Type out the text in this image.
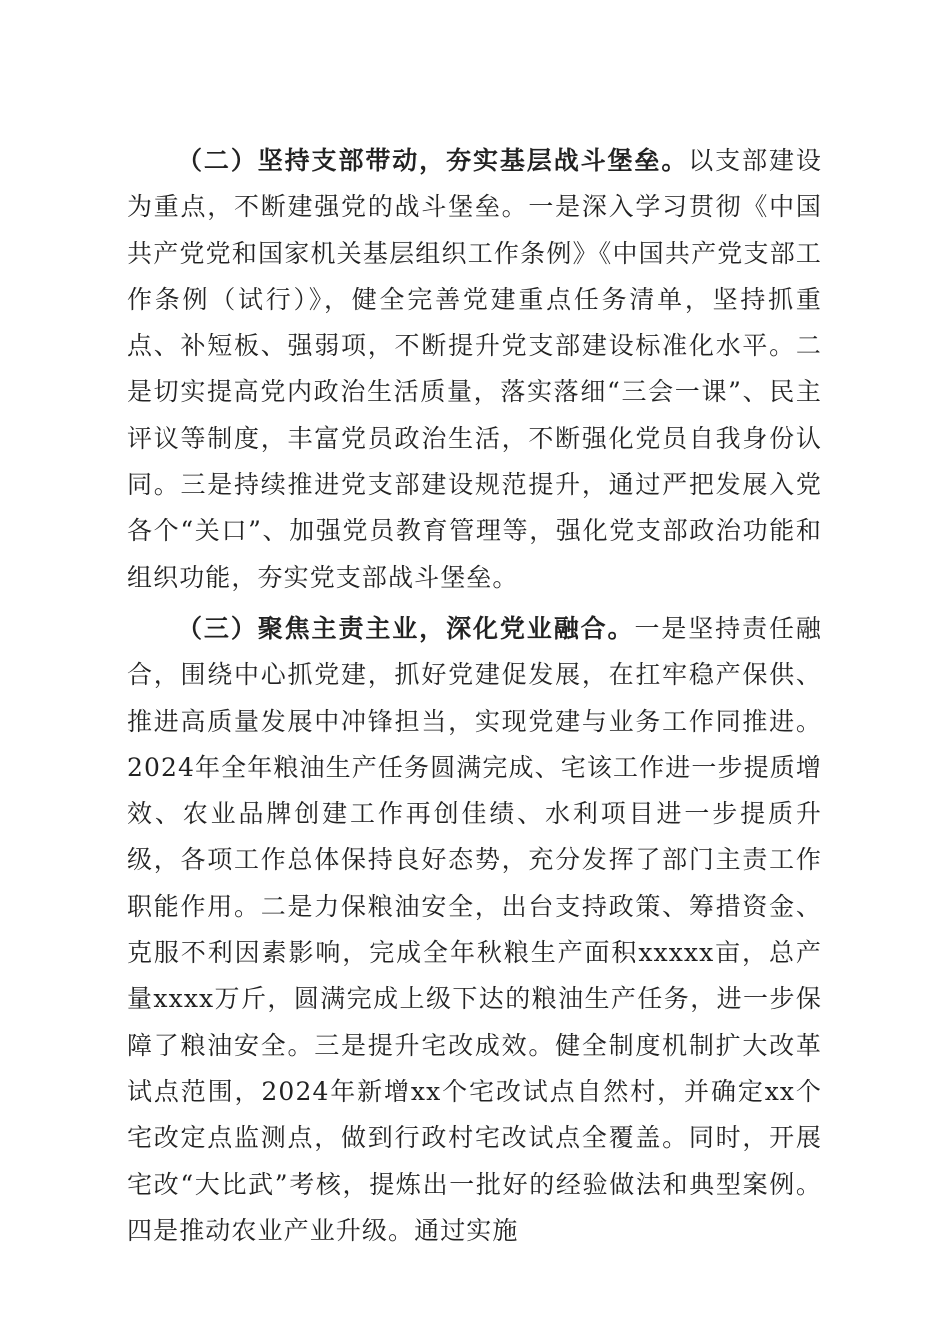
（二）坚持支部带动，夯实基层战斗堡垒。以支部建设为重点，不断建强党的战斗堡垒。一是深入学习贯彻《中国共产党党和国家机关基层组织工作条例》《中国共产党支部工作条例（试行）》，健全完善党建重点任务清单，坚持抓重点、补短板、强弱项，不断提升党支部建设标准化水平。二是切实提高党内政治生活质量，落实落细“三会一课”、民主评议等制度，丰富党员政治生活，不断强化党员自我身份认同。三是持续推进党支部建设规范提升，通过严把发展入党各个“关口”、加强党员教育管理等，强化党支部政治功能和组织功能，夯实党支部战斗堡垒。

（三）聚焦主责主业，深化党业融合。一是坚持责任融合，围绕中心抓党建，抓好党建促发展，在扛牢稳产保供、推进高质量发展中冲锋担当，实现党建与业务工作同推进。2024年全年粮油生产任务圆满完成、宅该工作进一步提质增效、农业品牌创建工作再创佳绩、水利项目进一步提质升级，各项工作总体保持良好态势，充分发挥了部门主责工作职能作用。二是力保粮油安全，出台支持政策、筹措资金、克服不利因素影响，完成全年秋粮生产面积xxxxx亩，总产量xxxx万斤，圆满完成上级下达的粮油生产任务，进一步保障了粮油安全。三是提升宅改成效。健全制度机制扩大改革试点范围，2024年新增xx个宅改试点自然村，并确定xx个宅改定点监测点，做到行政村宅改试点全覆盖。同时，开展宅改“大比武”考核，提炼出一批好的经验做法和典型案例。四是推动农业产业升级。通过实施
